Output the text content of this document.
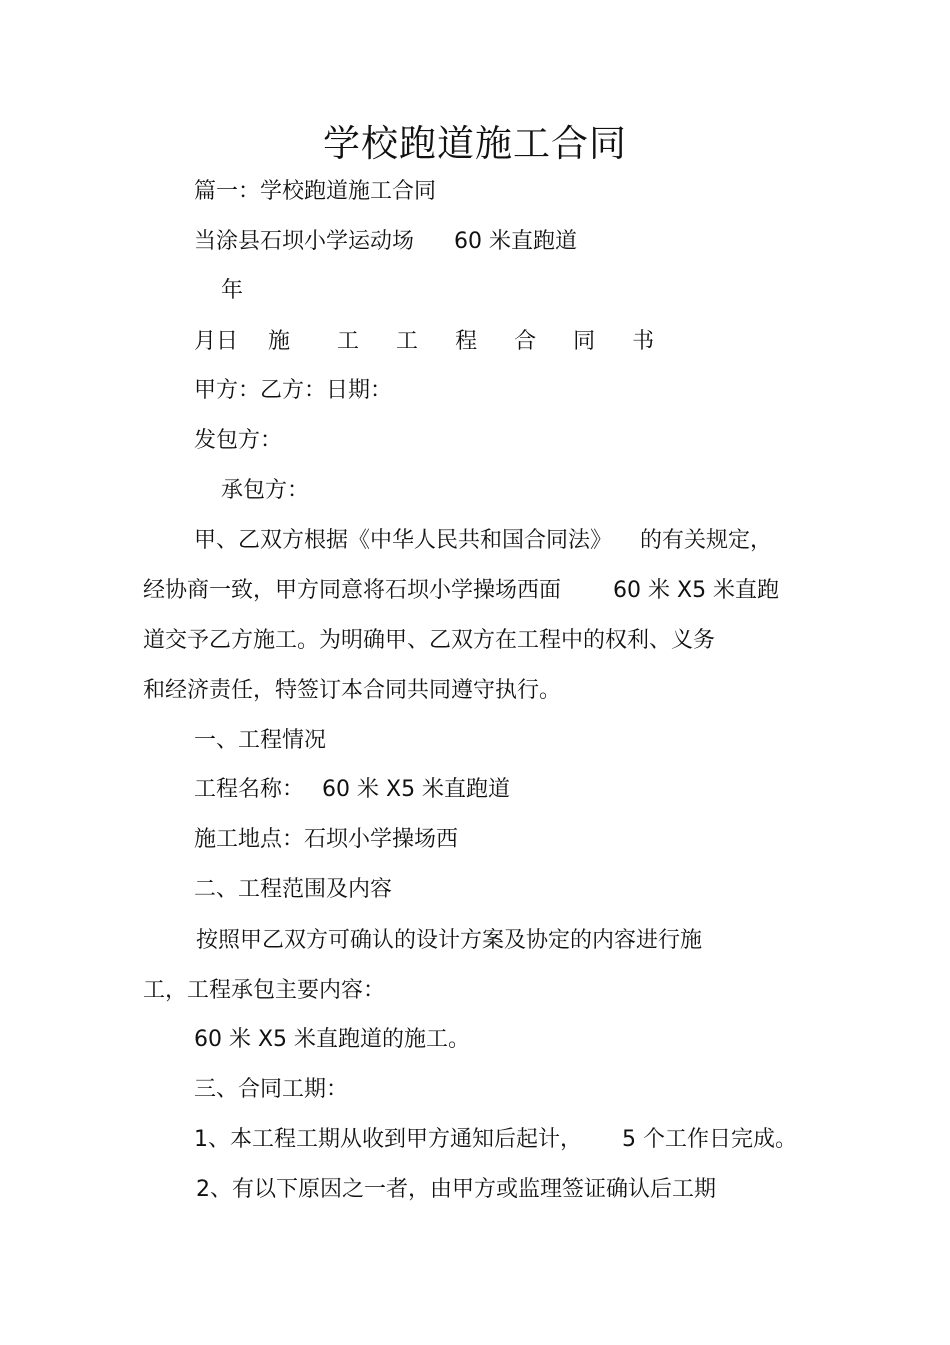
学校跑道施工合同
篇一：学校跑道施工合同
当涂县石坝小学运动场 60 米直跑道
年
月日 施 工 工 程 合 同 书
甲方：乙方：日期：
发包方：
承包方：
甲、乙双方根据《中华人民共和国合同法》 的有关规定，
经协商一致，甲方同意将石坝小学操场西面 60 米 X5 米直跑
道交予乙方施工。为明确甲、乙双方在工程中的权利、义务
和经济责任，特签订本合同共同遵守执行。
一、工程情况
工程名称： 60 米 X5 米直跑道
施工地点：石坝小学操场西
二、工程范围及内容
按照甲乙双方可确认的设计方案及协定的内容进行施
工，工程承包主要内容：
60 米 X5 米直跑道的施工。
三、合同工期：
1、本工程工期从收到甲方通知后起计， 5 个工作日完成。
2、有以下原因之一者，由甲方或监理签证确认后工期
